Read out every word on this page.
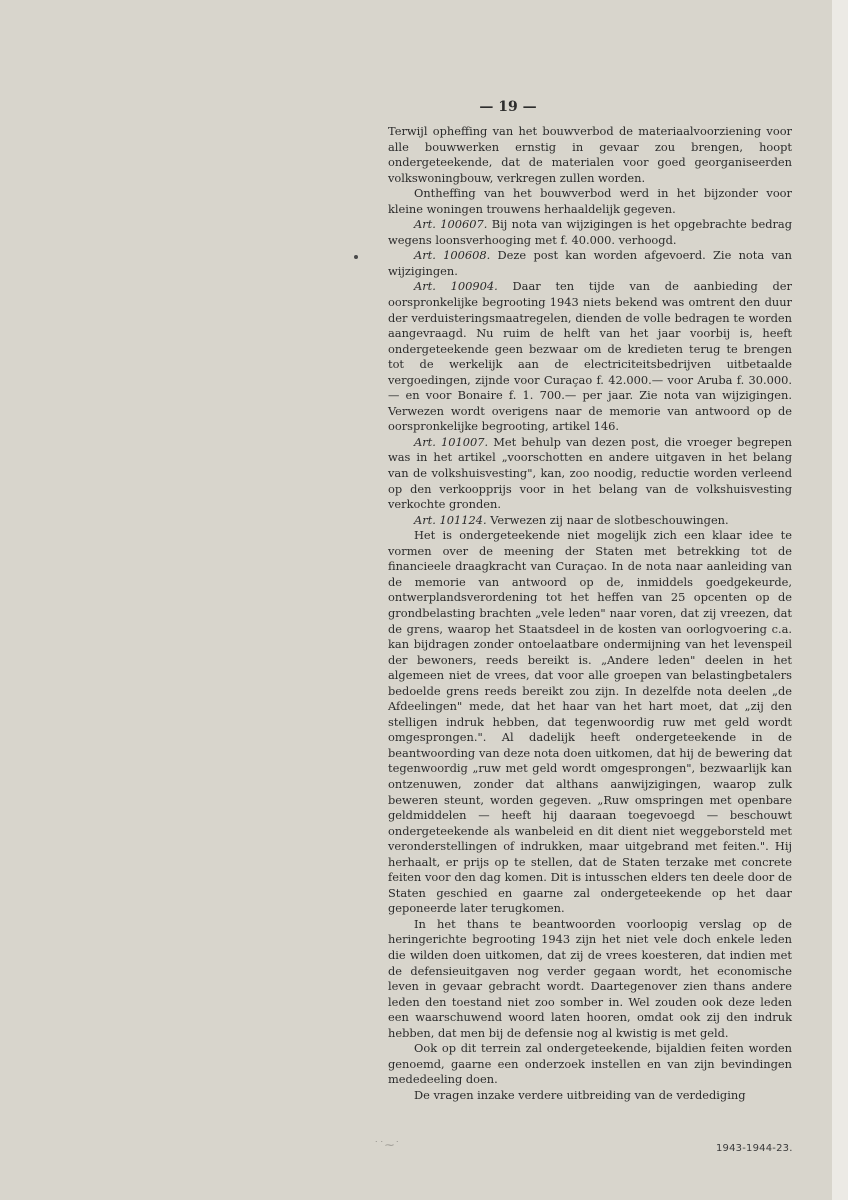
— 19 —

Terwijl opheffing van het bouwverbod de materiaalvoorziening voor alle bouwwerken ernstig in gevaar zou brengen, hoopt ondergeteekende, dat de materialen voor goed georganiseerden volkswoningbouw, verkregen zullen worden.

Ontheffing van het bouwverbod werd in het bijzonder voor kleine woningen trouwens herhaaldelijk gegeven.

Art. 100607. Bij nota van wijzigingen is het opgebrachte bedrag wegens loonsverhooging met f. 40.000. verhoogd.

Art. 100608. Deze post kan worden afgevoerd. Zie nota van wijzigingen.

Art. 100904. Daar ten tijde van de aanbieding der oorspronkelijke begrooting 1943 niets bekend was omtrent den duur der verduisteringsmaatregelen, dienden de volle bedragen te worden aangevraagd. Nu ruim de helft van het jaar voorbij is, heeft ondergeteekende geen bezwaar om de kredieten terug te brengen tot de werkelijk aan de electriciteitsbedrijven uitbetaalde vergoedingen, zijnde voor Curaçao f. 42.000.— voor Aruba f. 30.000.— en voor Bonaire f. 1. 700.— per jaar. Zie nota van wijzigingen. Verwezen wordt overigens naar de memorie van antwoord op de oorspronkelijke begrooting, artikel 146.

Art. 101007. Met behulp van dezen post, die vroeger begrepen was in het artikel „voorschotten en andere uitgaven in het belang van de volkshuisvesting", kan, zoo noodig, reductie worden verleend op den verkoopprijs voor in het belang van de volkshuisvesting verkochte gronden.

Art. 101124. Verwezen zij naar de slotbeschouwingen.

Het is ondergeteekende niet mogelijk zich een klaar idee te vormen over de meening der Staten met betrekking tot de financieele draagkracht van Curaçao. In de nota naar aanleiding van de memorie van antwoord op de, inmiddels goedgekeurde, ontwerplandsverordening tot het heffen van 25 opcenten op de grondbelasting brachten „vele leden" naar voren, dat zij vreezen, dat de grens, waarop het Staatsdeel in de kosten van oorlogvoering c.a. kan bijdragen zonder ontoelaatbare ondermijning van het levenspeil der bewoners, reeds bereikt is. „Andere leden" deelen in het algemeen niet de vrees, dat voor alle groepen van belastingbetalers bedoelde grens reeds bereikt zou zijn. In dezelfde nota deelen „de Afdeelingen" mede, dat het haar van het hart moet, dat „zij den stelligen indruk hebben, dat tegenwoordig ruw met geld wordt omgesprongen.". Al dadelijk heeft ondergeteekende in de beantwoording van deze nota doen uitkomen, dat hij de bewering dat tegenwoordig „ruw met geld wordt omgesprongen", bezwaarlijk kan ontzenuwen, zonder dat althans aanwijzigingen, waarop zulk beweren steunt, worden gegeven. „Ruw omspringen met openbare geldmiddelen — heeft hij daaraan toegevoegd — beschouwt ondergeteekende als wanbeleid en dit dient niet weggeborsteld met veronderstellingen of indrukken, maar uitgebrand met feiten.". Hij herhaalt, er prijs op te stellen, dat de Staten terzake met concrete feiten voor den dag komen. Dit is intusschen elders ten deele door de Staten geschied en gaarne zal ondergeteekende op het daar geponeerde later terugkomen.

In het thans te beantwoorden voorloopig verslag op de heringerichte begrooting 1943 zijn het niet vele doch enkele leden die wilden doen uitkomen, dat zij de vrees koesteren, dat indien met de defensieuitgaven nog verder gegaan wordt, het economische leven in gevaar gebracht wordt. Daartegenover zien thans andere leden den toestand niet zoo somber in. Wel zouden ook deze leden een waarschuwend woord laten hooren, omdat ook zij den indruk hebben, dat men bij de defensie nog al kwistig is met geld.

Ook op dit terrein zal ondergeteekende, bijaldien feiten worden genoemd, gaarne een onderzoek instellen en van zijn bevindingen mededeeling doen.

De vragen inzake verdere uitbreiding van de verdediging

˙˙⁓˙	1943-1944-23.
